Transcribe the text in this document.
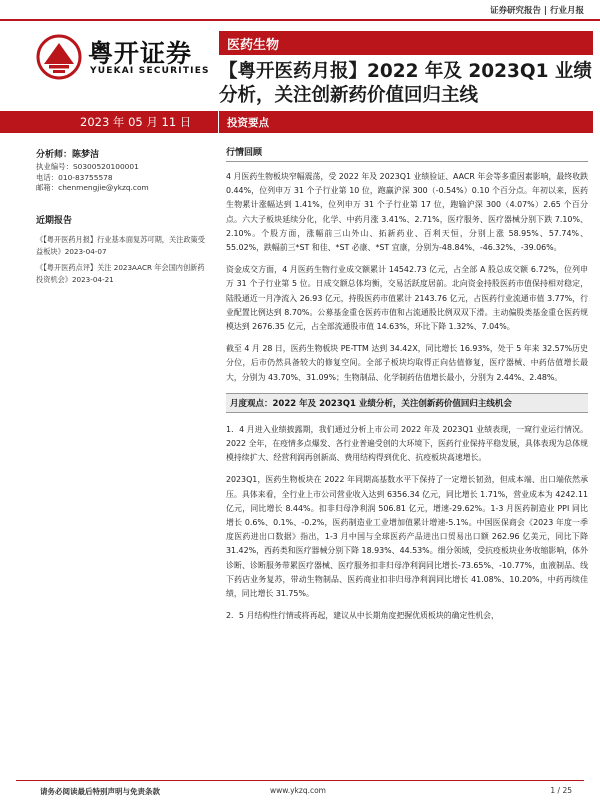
证券研究报告 | 行业月报
粤开证券
YUEKAI SECURITIES
医药生物
【粤开医药月报】2022 年及 2023Q1 业绩分析，关注创新药价值回归主线
2023 年 05 月 11 日	投资要点
分析师：陈梦洁
执业编号：S0300520100001
电话：010-83755578
邮箱：chenmengjie@ykzq.com
近期报告
《【粤开医药月报】行业基本面复苏可期，关注政策受益板块》2023-04-07
《【粤开医药点评】关注 2023AACR 年会国内创新药投资机会》2023-04-21
行情回顾

4 月医药生物板块窄幅震荡，受 2022 年及 2023Q1 业绩验证、AACR 年会等多重因素影响，最终收跌 0.44%，位列申万 31 个子行业第 10 位，跑赢沪深 300（-0.54%）0.10 个百分点。年初以来，医药生物累计涨幅达到 1.41%，位列申万 31 个子行业第 17 位，跑输沪深 300（4.07%）2.65 个百分点。六大子板块延续分化，化学、中药月涨 3.41%、2.71%，医疗服务、医疗器械分别下跌 7.10%、2.10%。个股方面，涨幅前三山外山、拓新药业、百利天恒，分别上涨 58.95%、57.74%、55.02%，跌幅前三*ST 和佳、*ST 必康、*ST 宜康，分别为-48.84%、-46.32%、-39.06%。

资金成交方面，4 月医药生物行业成交额累计 14542.73 亿元，占全部 A 股总成交额 6.72%，位列申万 31 个子行业第 5 位。日成交额总体均衡，交易活跃度居前。北向资金持股医药市值保持相对稳定，陆股通近一月净流入 26.93 亿元，持股医药市值累计 2143.76 亿元，占医药行业流通市值 3.77%，行业配置比例达到 8.70%。公募基金重仓医药市值和占流通股比例双双下滑。主动偏股类基金重仓医药规模达到 2676.35 亿元，占全部流通股市值 14.63%，环比下降 1.32%、7.04%。

截至 4 月 28 日，医药生物板块 PE-TTM 达到 34.42X，同比增长 16.93%，处于 5 年来 32.57%历史分位，后市仍然具备较大的修复空间。全部子板块均取得正向估值修复，医疗器械、中药估值增长最大，分别为 43.70%、31.09%；生物制品、化学制药估值增长最小，分别为 2.44%、2.48%。

月度观点：2022 年及 2023Q1 业绩分析，关注创新药价值回归主线机会

1．4 月进入业绩披露期，我们通过分析上市公司 2022 年及 2023Q1 业绩表现，一窥行业运行情况。2022 全年，在疫情多点爆发、各行业普遍受创的大环境下，医药行业保持平稳发展，具体表现为总体规模持续扩大、经营利润再创新高、费用结构得到优化、抗疫板块高速增长。

2023Q1，医药生物板块在 2022 年同期高基数水平下保持了一定增长韧劲，但成本端、出口端依然承压。具体来看，全行业上市公司营业收入达到 6356.34 亿元，同比增长 1.71%，营业成本为 4242.11 亿元，同比增长 8.44%。扣非归母净利润 506.81 亿元，增速-29.62%。1-3 月医药制造业 PPI 同比增长 0.6%、0.1%、-0.2%，医药制造业工业增加值累计增速-5.1%。中国医保商会《2023 年度一季度医药进出口数据》指出，1-3 月中国与全球医药产品进出口贸易出口额 262.96 亿美元，同比下降 31.42%，西药类和医疗器械分别下降 18.93%、44.53%。细分领域，受抗疫板块业务收缩影响，体外诊断、诊断服务带累医疗器械、医疗服务扣非归母净利润同比增长-73.65%、-10.77%，血液制品、线下药店业务复苏，带动生物制品、医药商业扣非归母净利润同比增长 41.08%、10.20%，中药再续佳绩，同比增长 31.75%。

2．5 月结构性行情或将再起，建议从中长期角度把握优质板块的确定性机会，

请务必阅读最后特别声明与免责条款	www.ykzq.com	1 / 25
